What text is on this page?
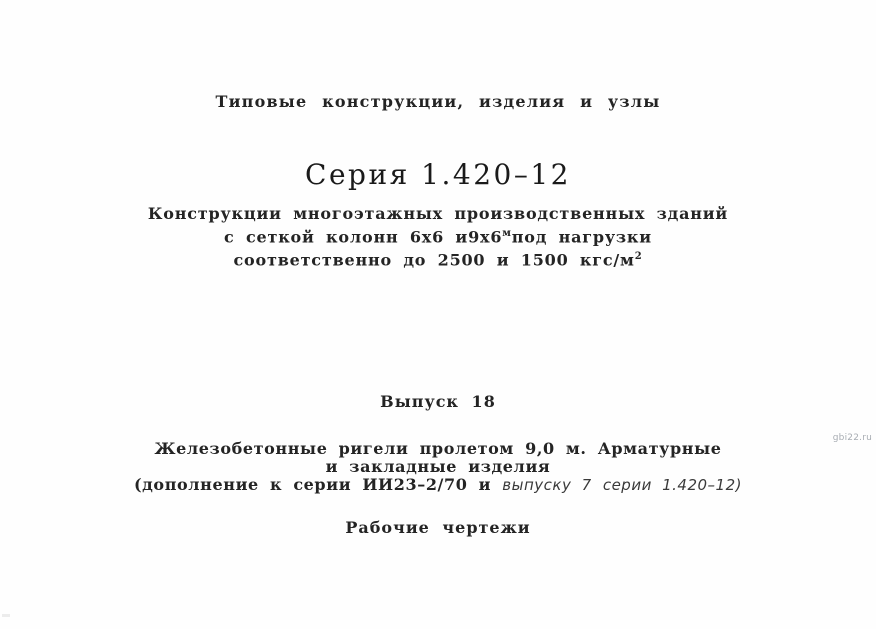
Типовые конструкции, изделия и узлы
Серия 1.420–12
Конструкции многоэтажных производственных зданий
с сеткой колонн 6х6 $и9х6^мпод$ нагрузки
соответственно до 2500 и 1500 кгс/$м^2$
Выпуск 18
Железобетонные ригели пролетом 9,0 м. Арматурные
и закладные изделия
(дополнение к серии ИИ23–2/70 и выпуску 7 серии 1.420–12)
Рабочие чертежи
gbi22.ru
